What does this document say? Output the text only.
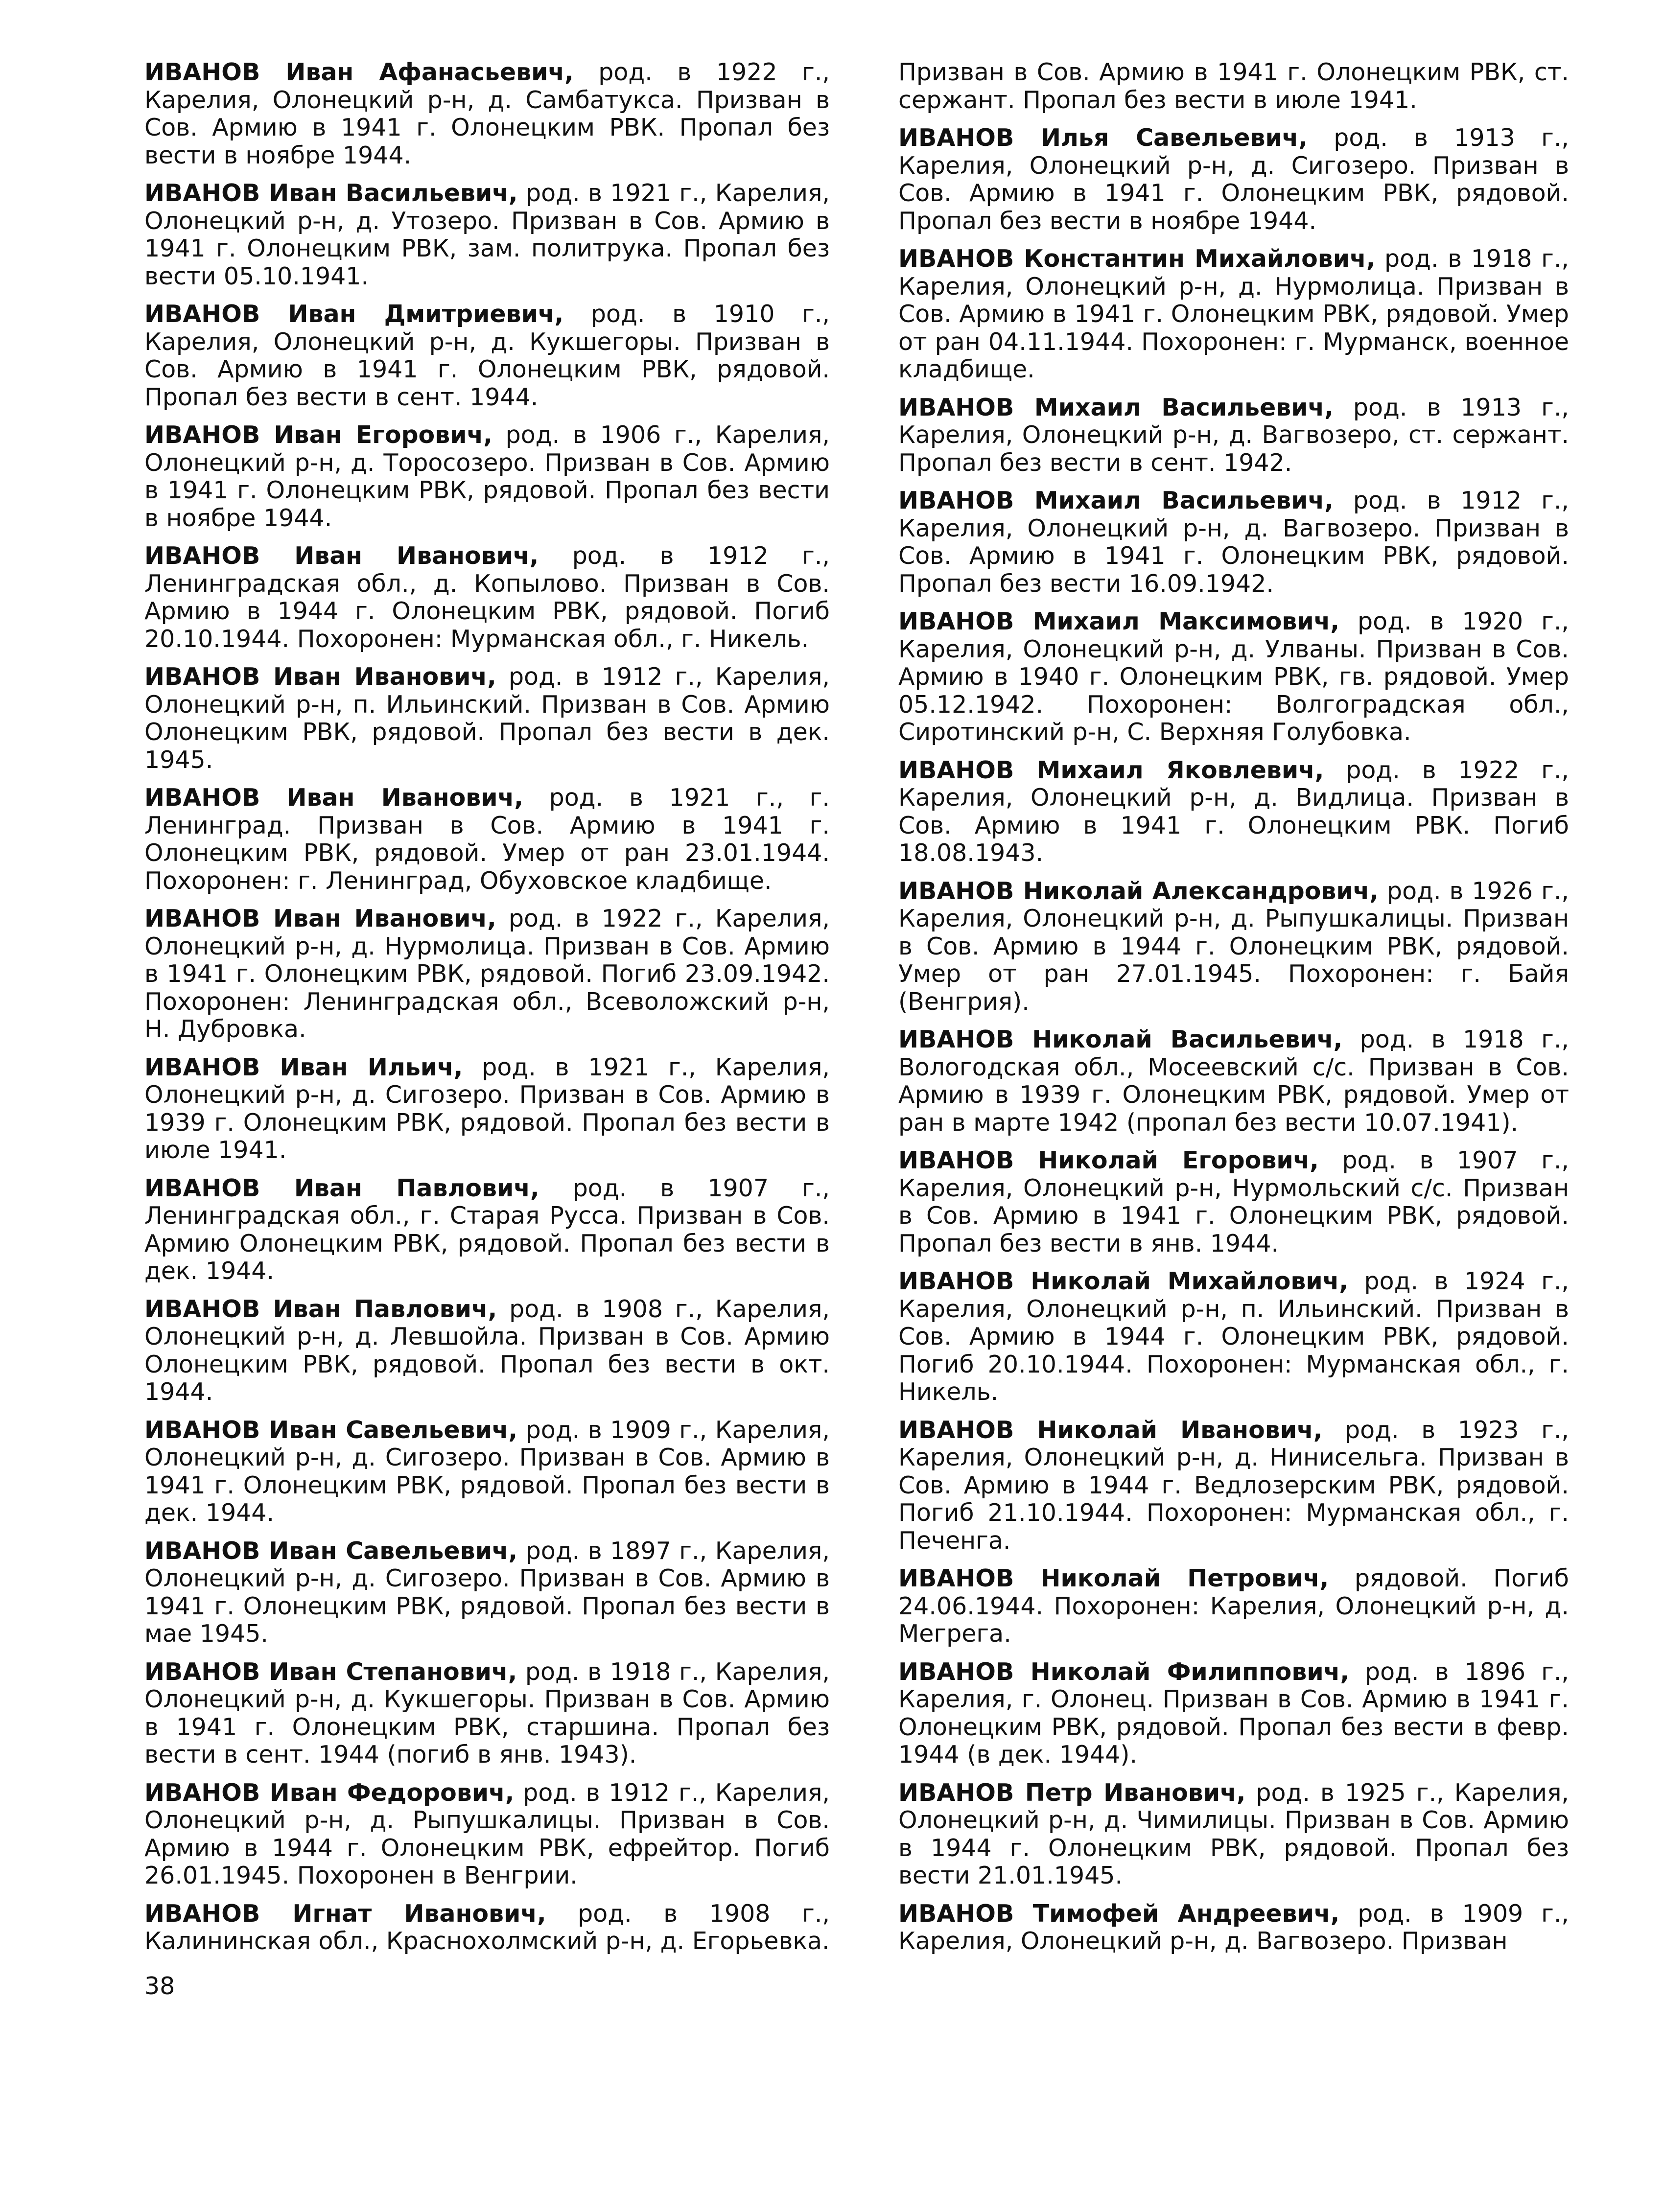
ИВАНОВ Иван Афанасьевич, род. в 1922 г., Карелия, Олонецкий р-н, д. Самбатукса. Призван в Сов. Армию в 1941 г. Олонецким РВК. Пропал без вести в ноябре 1944.

ИВАНОВ Иван Васильевич, род. в 1921 г., Карелия, Олонецкий р-н, д. Утозеро. Призван в Сов. Армию в 1941 г. Олонецким РВК, зам. политрука. Пропал без вести 05.10.1941.

ИВАНОВ Иван Дмитриевич, род. в 1910 г., Карелия, Олонецкий р-н, д. Кукшегоры. Призван в Сов. Армию в 1941 г. Олонецким РВК, рядовой. Пропал без вести в сент. 1944.

ИВАНОВ Иван Егорович, род. в 1906 г., Карелия, Олонецкий р-н, д. Торосозеро. Призван в Сов. Армию в 1941 г. Олонецким РВК, рядовой. Пропал без вести в ноябре 1944.

ИВАНОВ Иван Иванович, род. в 1912 г., Ленинградская обл., д. Копылово. Призван в Сов. Армию в 1944 г. Олонецким РВК, рядовой. Погиб 20.10.1944. Похоронен: Мурманская обл., г. Никель.

ИВАНОВ Иван Иванович, род. в 1912 г., Карелия, Олонецкий р-н, п. Ильинский. Призван в Сов. Армию Олонецким РВК, рядовой. Пропал без вести в дек. 1945.

ИВАНОВ Иван Иванович, род. в 1921 г., г. Ленинград. Призван в Сов. Армию в 1941 г. Олонецким РВК, рядовой. Умер от ран 23.01.1944. Похоронен: г. Ленинград, Обуховское кладбище.

ИВАНОВ Иван Иванович, род. в 1922 г., Карелия, Олонецкий р-н, д. Нурмолица. Призван в Сов. Армию в 1941 г. Олонецким РВК, рядовой. Погиб 23.09.1942. Похоронен: Ленинградская обл., Всеволожский р-н, Н. Дубровка.

ИВАНОВ Иван Ильич, род. в 1921 г., Карелия, Олонецкий р-н, д. Сигозеро. Призван в Сов. Армию в 1939 г. Олонецким РВК, рядовой. Пропал без вести в июле 1941.

ИВАНОВ Иван Павлович, род. в 1907 г., Ленинградская обл., г. Старая Русса. Призван в Сов. Армию Олонецким РВК, рядовой. Пропал без вести в дек. 1944.

ИВАНОВ Иван Павлович, род. в 1908 г., Карелия, Олонецкий р-н, д. Левшойла. Призван в Сов. Армию Олонецким РВК, рядовой. Пропал без вести в окт. 1944.

ИВАНОВ Иван Савельевич, род. в 1909 г., Карелия, Олонецкий р-н, д. Сигозеро. Призван в Сов. Армию в 1941 г. Олонецким РВК, рядовой. Пропал без вести в дек. 1944.

ИВАНОВ Иван Савельевич, род. в 1897 г., Карелия, Олонецкий р-н, д. Сигозеро. Призван в Сов. Армию в 1941 г. Олонецким РВК, рядовой. Пропал без вести в мае 1945.

ИВАНОВ Иван Степанович, род. в 1918 г., Карелия, Олонецкий р-н, д. Кукшегоры. Призван в Сов. Армию в 1941 г. Олонецким РВК, старшина. Пропал без вести в сент. 1944 (погиб в янв. 1943).

ИВАНОВ Иван Федорович, род. в 1912 г., Карелия, Олонецкий р-н, д. Рыпушкалицы. Призван в Сов. Армию в 1944 г. Олонецким РВК, ефрейтор. Погиб 26.01.1945. Похоронен в Венгрии.

ИВАНОВ Игнат Иванович, род. в 1908 г., Калининская обл., Краснохолмский р-н, д. Егорьевка.

Призван в Сов. Армию в 1941 г. Олонецким РВК, ст. сержант. Пропал без вести в июле 1941.

ИВАНОВ Илья Савельевич, род. в 1913 г., Карелия, Олонецкий р-н, д. Сигозеро. Призван в Сов. Армию в 1941 г. Олонецким РВК, рядовой. Пропал без вести в ноябре 1944.

ИВАНОВ Константин Михайлович, род. в 1918 г., Карелия, Олонецкий р-н, д. Нурмолица. Призван в Сов. Армию в 1941 г. Олонецким РВК, рядовой. Умер от ран 04.11.1944. Похоронен: г. Мурманск, военное кладбище.

ИВАНОВ Михаил Васильевич, род. в 1913 г., Карелия, Олонецкий р-н, д. Вагвозеро, ст. сержант. Пропал без вести в сент. 1942.

ИВАНОВ Михаил Васильевич, род. в 1912 г., Карелия, Олонецкий р-н, д. Вагвозеро. Призван в Сов. Армию в 1941 г. Олонецким РВК, рядовой. Пропал без вести 16.09.1942.

ИВАНОВ Михаил Максимович, род. в 1920 г., Карелия, Олонецкий р-н, д. Улваны. Призван в Сов. Армию в 1940 г. Олонецким РВК, гв. рядовой. Умер 05.12.1942. Похоронен: Волгоградская обл., Сиротинский р-н, С. Верхняя Голубовка.

ИВАНОВ Михаил Яковлевич, род. в 1922 г., Карелия, Олонецкий р-н, д. Видлица. Призван в Сов. Армию в 1941 г. Олонецким РВК. Погиб 18.08.1943.

ИВАНОВ Николай Александрович, род. в 1926 г., Карелия, Олонецкий р-н, д. Рыпушкалицы. Призван в Сов. Армию в 1944 г. Олонецким РВК, рядовой. Умер от ран 27.01.1945. Похоронен: г. Байя (Венгрия).

ИВАНОВ Николай Васильевич, род. в 1918 г., Вологодская обл., Мосеевский с/с. Призван в Сов. Армию в 1939 г. Олонецким РВК, рядовой. Умер от ран в марте 1942 (пропал без вести 10.07.1941).

ИВАНОВ Николай Егорович, род. в 1907 г., Карелия, Олонецкий р-н, Нурмольский с/с. Призван в Сов. Армию в 1941 г. Олонецким РВК, рядовой. Пропал без вести в янв. 1944.

ИВАНОВ Николай Михайлович, род. в 1924 г., Карелия, Олонецкий р-н, п. Ильинский. Призван в Сов. Армию в 1944 г. Олонецким РВК, рядовой. Погиб 20.10.1944. Похоронен: Мурманская обл., г. Никель.

ИВАНОВ Николай Иванович, род. в 1923 г., Карелия, Олонецкий р-н, д. Нинисельга. Призван в Сов. Армию в 1944 г. Ведлозерским РВК, рядовой. Погиб 21.10.1944. Похоронен: Мурманская обл., г. Печенга.

ИВАНОВ Николай Петрович, рядовой. Погиб 24.06.1944. Похоронен: Карелия, Олонецкий р-н, д. Мегрега.

ИВАНОВ Николай Филиппович, род. в 1896 г., Карелия, г. Олонец. Призван в Сов. Армию в 1941 г. Олонецким РВК, рядовой. Пропал без вести в февр. 1944 (в дек. 1944).

ИВАНОВ Петр Иванович, род. в 1925 г., Карелия, Олонецкий р-н, д. Чимилицы. Призван в Сов. Армию в 1944 г. Олонецким РВК, рядовой. Пропал без вести 21.01.1945.

ИВАНОВ Тимофей Андреевич, род. в 1909 г., Карелия, Олонецкий р-н, д. Вагвозеро. Призван

38
